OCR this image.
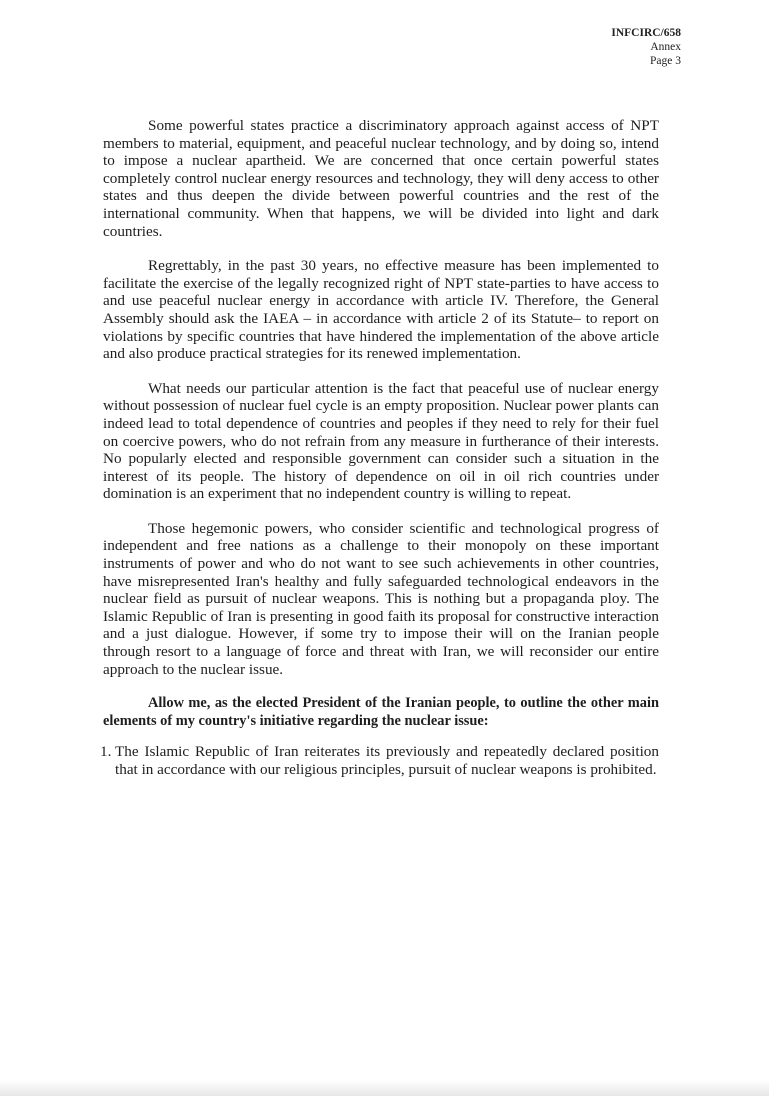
INFCIRC/658
Annex
Page 3

Some powerful states practice a discriminatory approach against access of NPT members to material, equipment, and peaceful nuclear technology, and by doing so, intend to impose a nuclear apartheid. We are concerned that once certain powerful states completely control nuclear energy resources and technology, they will deny access to other states and thus deepen the divide between powerful countries and the rest of the international community. When that happens, we will be divided into light and dark countries.

Regrettably, in the past 30 years, no effective measure has been implemented to facilitate the exercise of the legally recognized right of NPT state-parties to have access to and use peaceful nuclear energy in accordance with article IV. Therefore, the General Assembly should ask the IAEA – in accordance with article 2 of its Statute– to report on violations by specific countries that have hindered the implementation of the above article and also produce practical strategies for its renewed implementation.

What needs our particular attention is the fact that peaceful use of nuclear energy without possession of nuclear fuel cycle is an empty proposition. Nuclear power plants can indeed lead to total dependence of countries and peoples if they need to rely for their fuel on coercive powers, who do not refrain from any measure in furtherance of their interests. No popularly elected and responsible government can consider such a situation in the interest of its people. The history of dependence on oil in oil rich countries under domination is an experiment that no independent country is willing to repeat.

Those hegemonic powers, who consider scientific and technological progress of independent and free nations as a challenge to their monopoly on these important instruments of power and who do not want to see such achievements in other countries, have misrepresented Iran's healthy and fully safeguarded technological endeavors in the nuclear field as pursuit of nuclear weapons. This is nothing but a propaganda ploy. The Islamic Republic of Iran is presenting in good faith its proposal for constructive interaction and a just dialogue. However, if some try to impose their will on the Iranian people through resort to a language of force and threat with Iran, we will reconsider our entire approach to the nuclear issue.

Allow me, as the elected President of the Iranian people, to outline the other main elements of my country's initiative regarding the nuclear issue:

1. The Islamic Republic of Iran reiterates its previously and repeatedly declared position that in accordance with our religious principles, pursuit of nuclear weapons is prohibited.
